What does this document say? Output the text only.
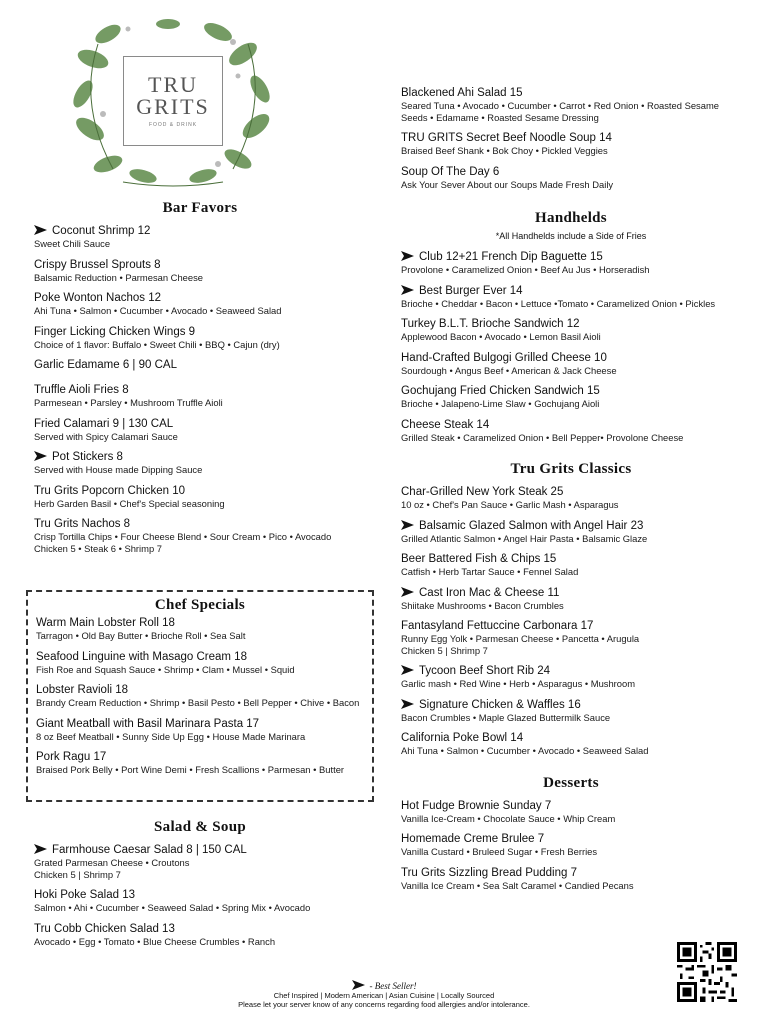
TRU
GRITS
FOOD & DRINK
Bar Favors
Coconut Shrimp 12
Sweet Chili Sauce
Crispy Brussel Sprouts 8
Balsamic Reduction • Parmesan Cheese
Poke Wonton Nachos 12
Ahi Tuna • Salmon • Cucumber • Avocado • Seaweed Salad
Finger Licking Chicken Wings 9
Choice of 1 flavor: Buffalo • Sweet Chili • BBQ • Cajun (dry)
Garlic Edamame 6 | 90 CAL
Truffle Aioli Fries 8
Parmesean • Parsley • Mushroom Truffle Aioli
Fried Calamari 9 | 130 CAL
Served with Spicy Calamari Sauce
Pot Stickers 8
Served with House made Dipping Sauce
Tru Grits Popcorn Chicken 10
Herb Garden Basil • Chef's Special seasoning
Tru Grits Nachos 8
Crisp Tortilla Chips • Four Cheese Blend • Sour Cream • Pico • Avocado
Chicken 5 • Steak 6 • Shrimp 7
Chef Specials
Warm Main Lobster Roll 18
Tarragon • Old Bay Butter • Brioche Roll • Sea Salt
Seafood Linguine with Masago Cream 18
Fish Roe and Squash Sauce • Shrimp • Clam • Mussel • Squid
Lobster Ravioli 18
Brandy Cream Reduction • Shrimp • Basil Pesto • Bell Pepper • Chive • Bacon
Giant Meatball with Basil Marinara Pasta 17
8 oz Beef Meatball • Sunny Side Up Egg • House Made Marinara
Pork Ragu 17
Braised Pork Belly • Port Wine Demi • Fresh Scallions • Parmesan • Butter
Salad & Soup
Farmhouse Caesar Salad 8 | 150 CAL
Grated Parmesan Cheese • Croutons
Chicken 5 | Shrimp 7
Hoki Poke Salad 13
Salmon • Ahi • Cucumber • Seaweed Salad • Spring Mix • Avocado
Tru Cobb Chicken Salad 13
Avocado • Egg • Tomato • Blue Cheese Crumbles • Ranch
Blackened Ahi Salad 15
Seared Tuna • Avocado • Cucumber • Carrot • Red Onion • Roasted Sesame Seeds • Edamame • Roasted Sesame Dressing
TRU GRITS Secret Beef Noodle Soup 14
Braised Beef Shank • Bok Choy • Pickled Veggies
Soup Of The Day 6
Ask Your Sever About our Soups Made Fresh Daily
Handhelds
*All Handhelds include a Side of Fries
Club 12+21 French Dip Baguette 15
Provolone • Caramelized Onion • Beef Au Jus • Horseradish
Best Burger Ever 14
Brioche • Cheddar • Bacon • Lettuce •Tomato • Caramelized Onion • Pickles
Turkey B.L.T. Brioche Sandwich 12
Applewood Bacon • Avocado • Lemon Basil Aioli
Hand-Crafted Bulgogi Grilled Cheese 10
Sourdough • Angus Beef • American & Jack Cheese
Gochujang Fried Chicken Sandwich 15
Brioche • Jalapeno-Lime Slaw • Gochujang Aioli
Cheese Steak 14
Grilled Steak • Caramelized Onion • Bell Pepper• Provolone Cheese
Tru Grits Classics
Char-Grilled New York Steak 25
10 oz • Chef's Pan Sauce • Garlic Mash • Asparagus
Balsamic Glazed Salmon with Angel Hair 23
Grilled Atlantic Salmon • Angel Hair Pasta • Balsamic Glaze
Beer Battered Fish & Chips 15
Catfish • Herb Tartar Sauce • Fennel Salad
Cast Iron Mac & Cheese 11
Shiitake Mushrooms • Bacon Crumbles
Fantasyland Fettuccine Carbonara 17
Runny Egg Yolk • Parmesan Cheese • Pancetta • Arugula
Chicken 5 | Shrimp 7
Tycoon Beef Short Rib 24
Garlic mash • Red Wine • Herb • Asparagus • Mushroom
Signature Chicken & Waffles 16
Bacon Crumbles • Maple Glazed Buttermilk Sauce
California Poke Bowl 14
Ahi Tuna • Salmon • Cucumber • Avocado • Seaweed Salad
Desserts
Hot Fudge Brownie Sunday 7
Vanilla Ice-Cream • Chocolate Sauce • Whip Cream
Homemade Creme Brulee 7
Vanilla Custard • Bruleed Sugar • Fresh Berries
Tru Grits Sizzling Bread Pudding 7
Vanilla Ice Cream • Sea Salt Caramel • Candied Pecans
- Best Seller!
Chef Inspired | Modern American | Asian Cuisine | Locally Sourced
Please let your server know of any concerns regarding food allergies and/or intolerance.
